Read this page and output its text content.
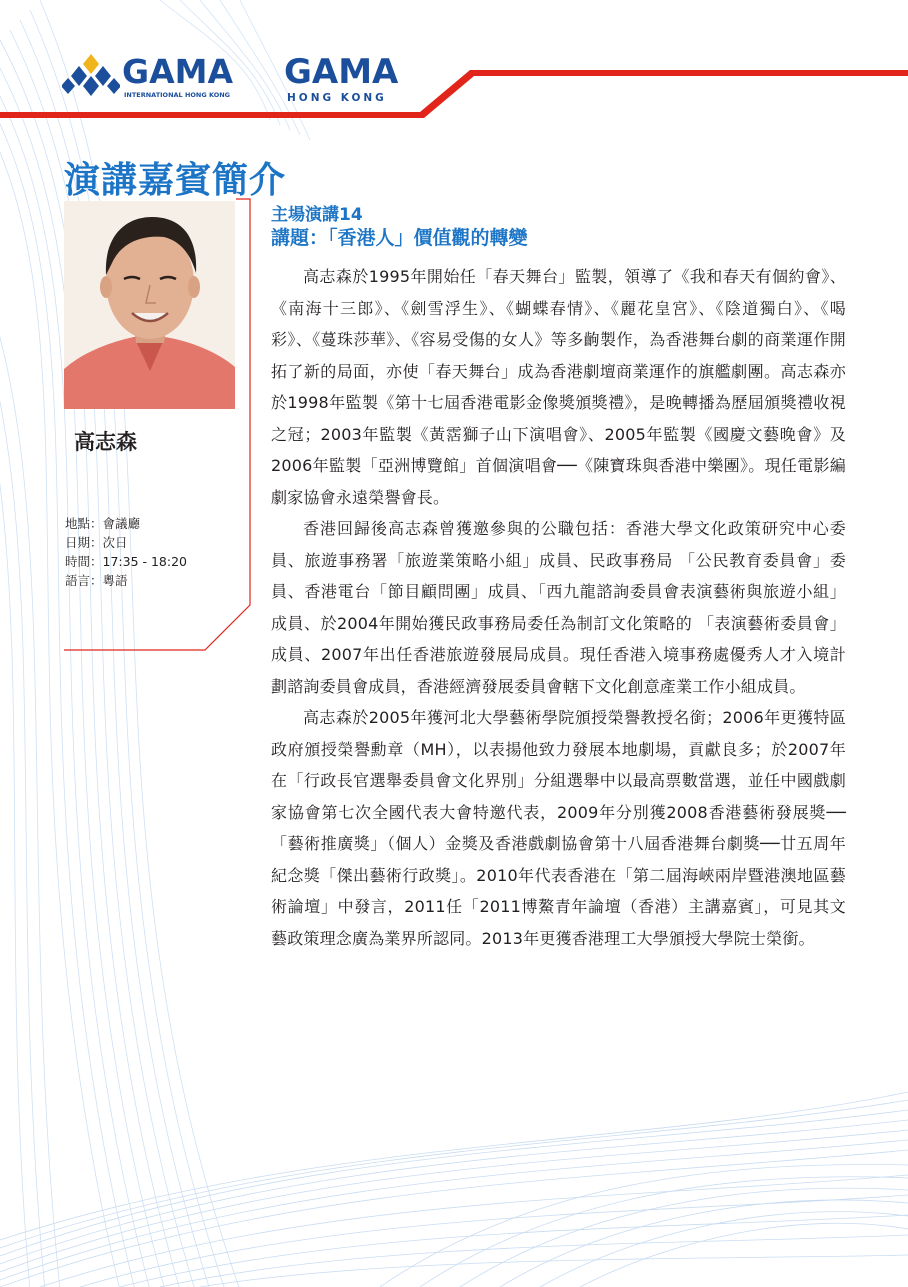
GAMA
INTERNATIONAL HONG KONG
GAMA
HONG KONG
演講嘉賓簡介
高志森
地點：會議廳
日期：次日
時間：17:35 - 18:20
語言：粵語
主場演講14
講題：「香港人」價值觀的轉變

高志森於1995年開始任「春天舞台」監製，領導了《我和春天有個約會》、《南海十三郎》、《劍雪浮生》、《蝴蝶春情》、《麗花皇宮》、《陰道獨白》、《喝彩》、《蔓珠莎華》、《容易受傷的女人》等多齣製作，為香港舞台劇的商業運作開拓了新的局面，亦使「春天舞台」成為香港劇壇商業運作的旗艦劇團。高志森亦於1998年監製《第十七屆香港電影金像獎頒獎禮》，是晚轉播為歷屆頒獎禮收視之冠；2003年監製《黃霑獅子山下演唱會》、2005年監製《國慶文藝晚會》及2006年監製「亞洲博覽館」首個演唱會──《陳寶珠與香港中樂團》。現任電影編劇家協會永遠榮譽會長。

香港回歸後高志森曾獲邀參與的公職包括：香港大學文化政策研究中心委員、旅遊事務署「旅遊業策略小組」成員、民政事務局 「公民教育委員會」委員、香港電台「節目顧問團」成員、「西九龍諮詢委員會表演藝術與旅遊小組」成員、於2004年開始獲民政事務局委任為制訂文化策略的 「表演藝術委員會」成員、2007年出任香港旅遊發展局成員。現任香港入境事務處優秀人才入境計劃諮詢委員會成員，香港經濟發展委員會轄下文化創意產業工作小組成員。

高志森於2005年獲河北大學藝術學院頒授榮譽教授名銜；2006年更獲特區政府頒授榮譽勳章（MH），以表揚他致力發展本地劇場，貢獻良多；於2007年在「行政長官選舉委員會文化界別」分組選舉中以最高票數當選，並任中國戲劇家協會第七次全國代表大會特邀代表，2009年分別獲2008香港藝術發展獎──「藝術推廣獎」（個人）金獎及香港戲劇協會第十八屆香港舞台劇獎──廿五周年紀念獎「傑出藝術行政獎」。2010年代表香港在「第二屆海峽兩岸暨港澳地區藝術論壇」中發言，2011任「2011博鰲青年論壇（香港）主講嘉賓」，可見其文藝政策理念廣為業界所認同。2013年更獲香港理工大學頒授大學院士榮銜。
